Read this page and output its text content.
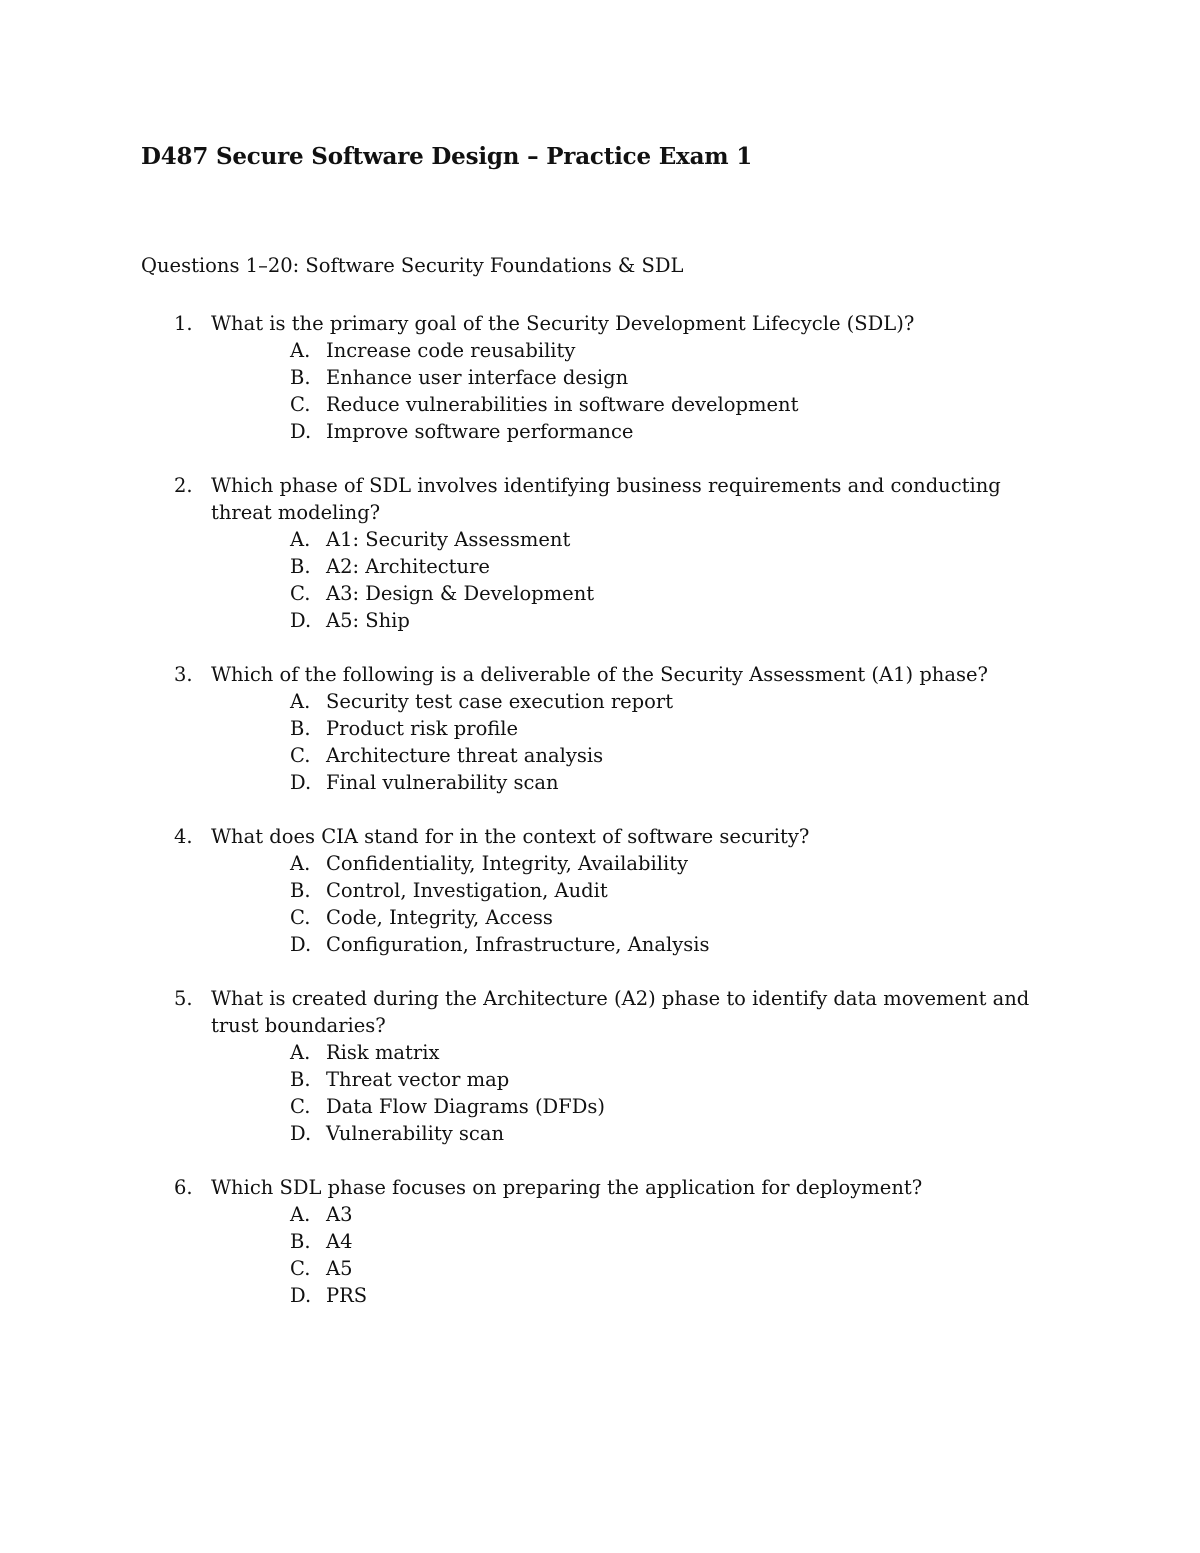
D487 Secure Software Design – Practice Exam 1
Questions 1–20: Software Security Foundations & SDL
1. What is the primary goal of the Security Development Lifecycle (SDL)?
A. Increase code reusability
B. Enhance user interface design
C. Reduce vulnerabilities in software development
D. Improve software performance
2. Which phase of SDL involves identifying business requirements and conducting
threat modeling?
A. A1: Security Assessment
B. A2: Architecture
C. A3: Design & Development
D. A5: Ship
3. Which of the following is a deliverable of the Security Assessment (A1) phase?
A. Security test case execution report
B. Product risk profile
C. Architecture threat analysis
D. Final vulnerability scan
4. What does CIA stand for in the context of software security?
A. Confidentiality, Integrity, Availability
B. Control, Investigation, Audit
C. Code, Integrity, Access
D. Configuration, Infrastructure, Analysis
5. What is created during the Architecture (A2) phase to identify data movement and
trust boundaries?
A. Risk matrix
B. Threat vector map
C. Data Flow Diagrams (DFDs)
D. Vulnerability scan
6. Which SDL phase focuses on preparing the application for deployment?
A. A3
B. A4
C. A5
D. PRS
